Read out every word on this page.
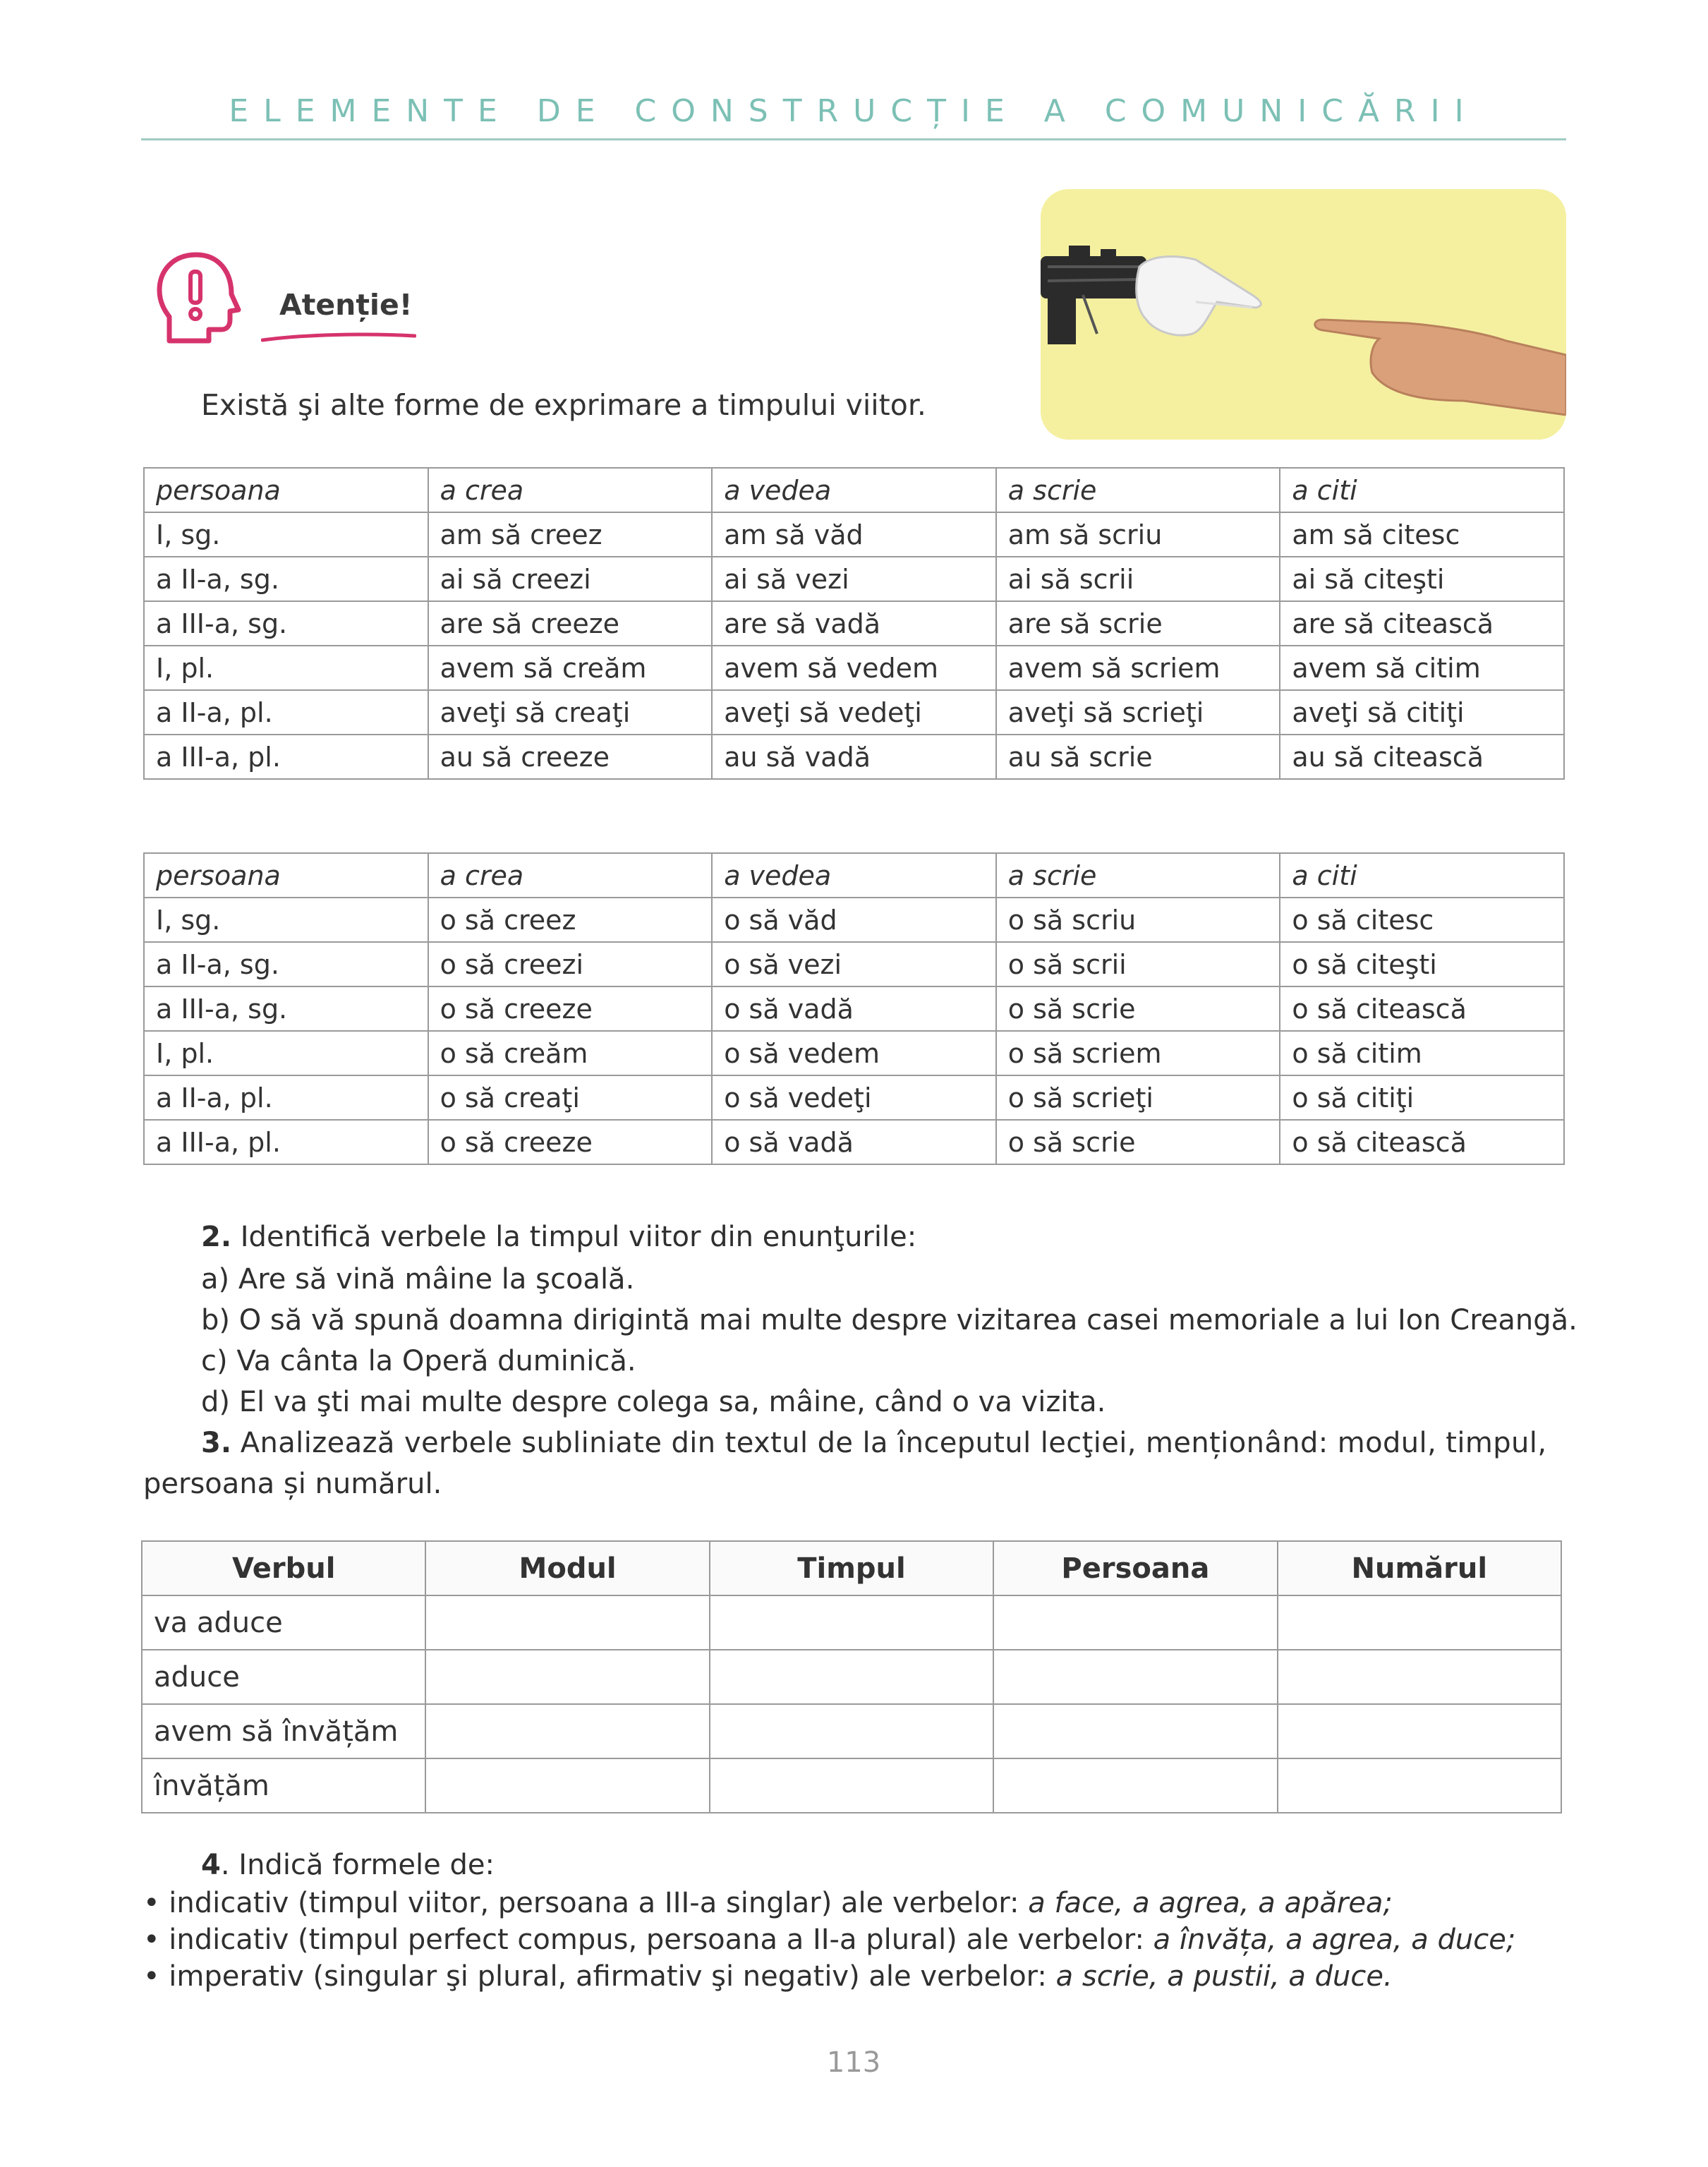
ELEMENTE DE CONSTRUCȚIE A COMUNICĂRII
Atenție!
Există şi alte forme de exprimare a timpului viitor.
persoana	a crea	a vedea	a scrie	a citi
I, sg.	am să creez	am să văd	am să scriu	am să citesc
a II-a, sg.	ai să creezi	ai să vezi	ai să scrii	ai să citeşti
a III-a, sg.	are să creeze	are să vadă	are să scrie	are să citească
I, pl.	avem să creăm	avem să vedem	avem să scriem	avem să citim
a II-a, pl.	aveţi să creaţi	aveţi să vedeţi	aveţi să scrieţi	aveţi să citiţi
a III-a, pl.	au să creeze	au să vadă	au să scrie	au să citească
persoana	a crea	a vedea	a scrie	a citi
I, sg.	o să creez	o să văd	o să scriu	o să citesc
a II-a, sg.	o să creezi	o să vezi	o să scrii	o să citeşti
a III-a, sg.	o să creeze	o să vadă	o să scrie	o să citească
I, pl.	o să creăm	o să vedem	o să scriem	o să citim
a II-a, pl.	o să creaţi	o să vedeţi	o să scrieţi	o să citiţi
a III-a, pl.	o să creeze	o să vadă	o să scrie	o să citească
2. Identifică verbele la timpul viitor din enunţurile:
a) Are să vină mâine la şcoală.
b) O să vă spună doamna dirigintă mai multe despre vizitarea casei memoriale a lui Ion Creangă.
c) Va cânta la Operă duminică.
d) El va şti mai multe despre colega sa, mâine, când o va vizita.
3. Analizează verbele subliniate din textul de la începutul lecţiei, menționând: modul, timpul,
persoana și numărul.
Verbul	Modul	Timpul	Persoana	Numărul
va aduce				
aduce				
avem să învățăm				
învățăm				
4. Indică formele de:
• indicativ (timpul viitor, persoana a III-a singlar) ale verbelor: a face, a agrea, a apărea;
• indicativ (timpul perfect compus, persoana a II-a plural) ale verbelor: a învăța, a agrea, a duce;
• imperativ (singular şi plural, afirmativ şi negativ) ale verbelor: a scrie, a pustii, a duce.
113
